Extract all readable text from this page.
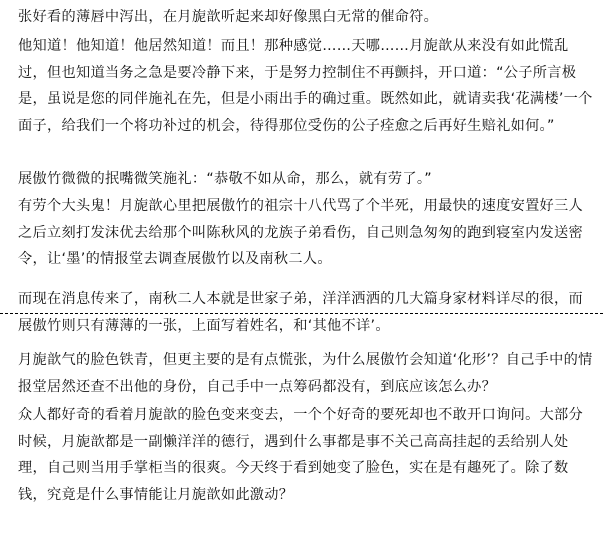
张好看的薄唇中泻出，在月旎歆听起来却好像黑白无常的催命符。

他知道！他知道！他居然知道！而且！那种感觉……天哪……月旎歆从来没有如此慌乱过，但也知道当务之急是要冷静下来，于是努力控制住不再颤抖，开口道：“公子所言极是，虽说是您的同伴施礼在先，但是小雨出手的确过重。既然如此，就请卖我‘花满楼’一个面子，给我们一个将功补过的机会，待得那位受伤的公子痊愈之后再好生赔礼如何。”

展傲竹微微的抿嘴微笑施礼：“恭敬不如从命，那么，就有劳了。”

有劳个大头鬼！月旎歆心里把展傲竹的祖宗十八代骂了个半死，用最快的速度安置好三人之后立刻打发沫优去给那个叫陈秋风的龙族子弟看伤，自己则急匆匆的跑到寝室内发送密令，让‘墨’的情报堂去调查展傲竹以及南秋二人。

而现在消息传来了，南秋二人本就是世家子弟，洋洋洒洒的几大篇身家材料详尽的很，而展傲竹则只有薄薄的一张，上面写着姓名，和‘其他不详’。

月旎歆气的脸色铁青，但更主要的是有点慌张，为什么展傲竹会知道‘化形’？自己手中的情报堂居然还查不出他的身份，自己手中一点筹码都没有，到底应该怎么办？

众人都好奇的看着月旎歆的脸色变来变去，一个个好奇的要死却也不敢开口询问。大部分时候，月旎歆都是一副懒洋洋的德行，遇到什么事都是事不关己高高挂起的丢给别人处理，自己则当用手掌柜当的很爽。今天终于看到她变了脸色，实在是有趣死了。除了数钱，究竟是什么事情能让月旎歆如此激动？
